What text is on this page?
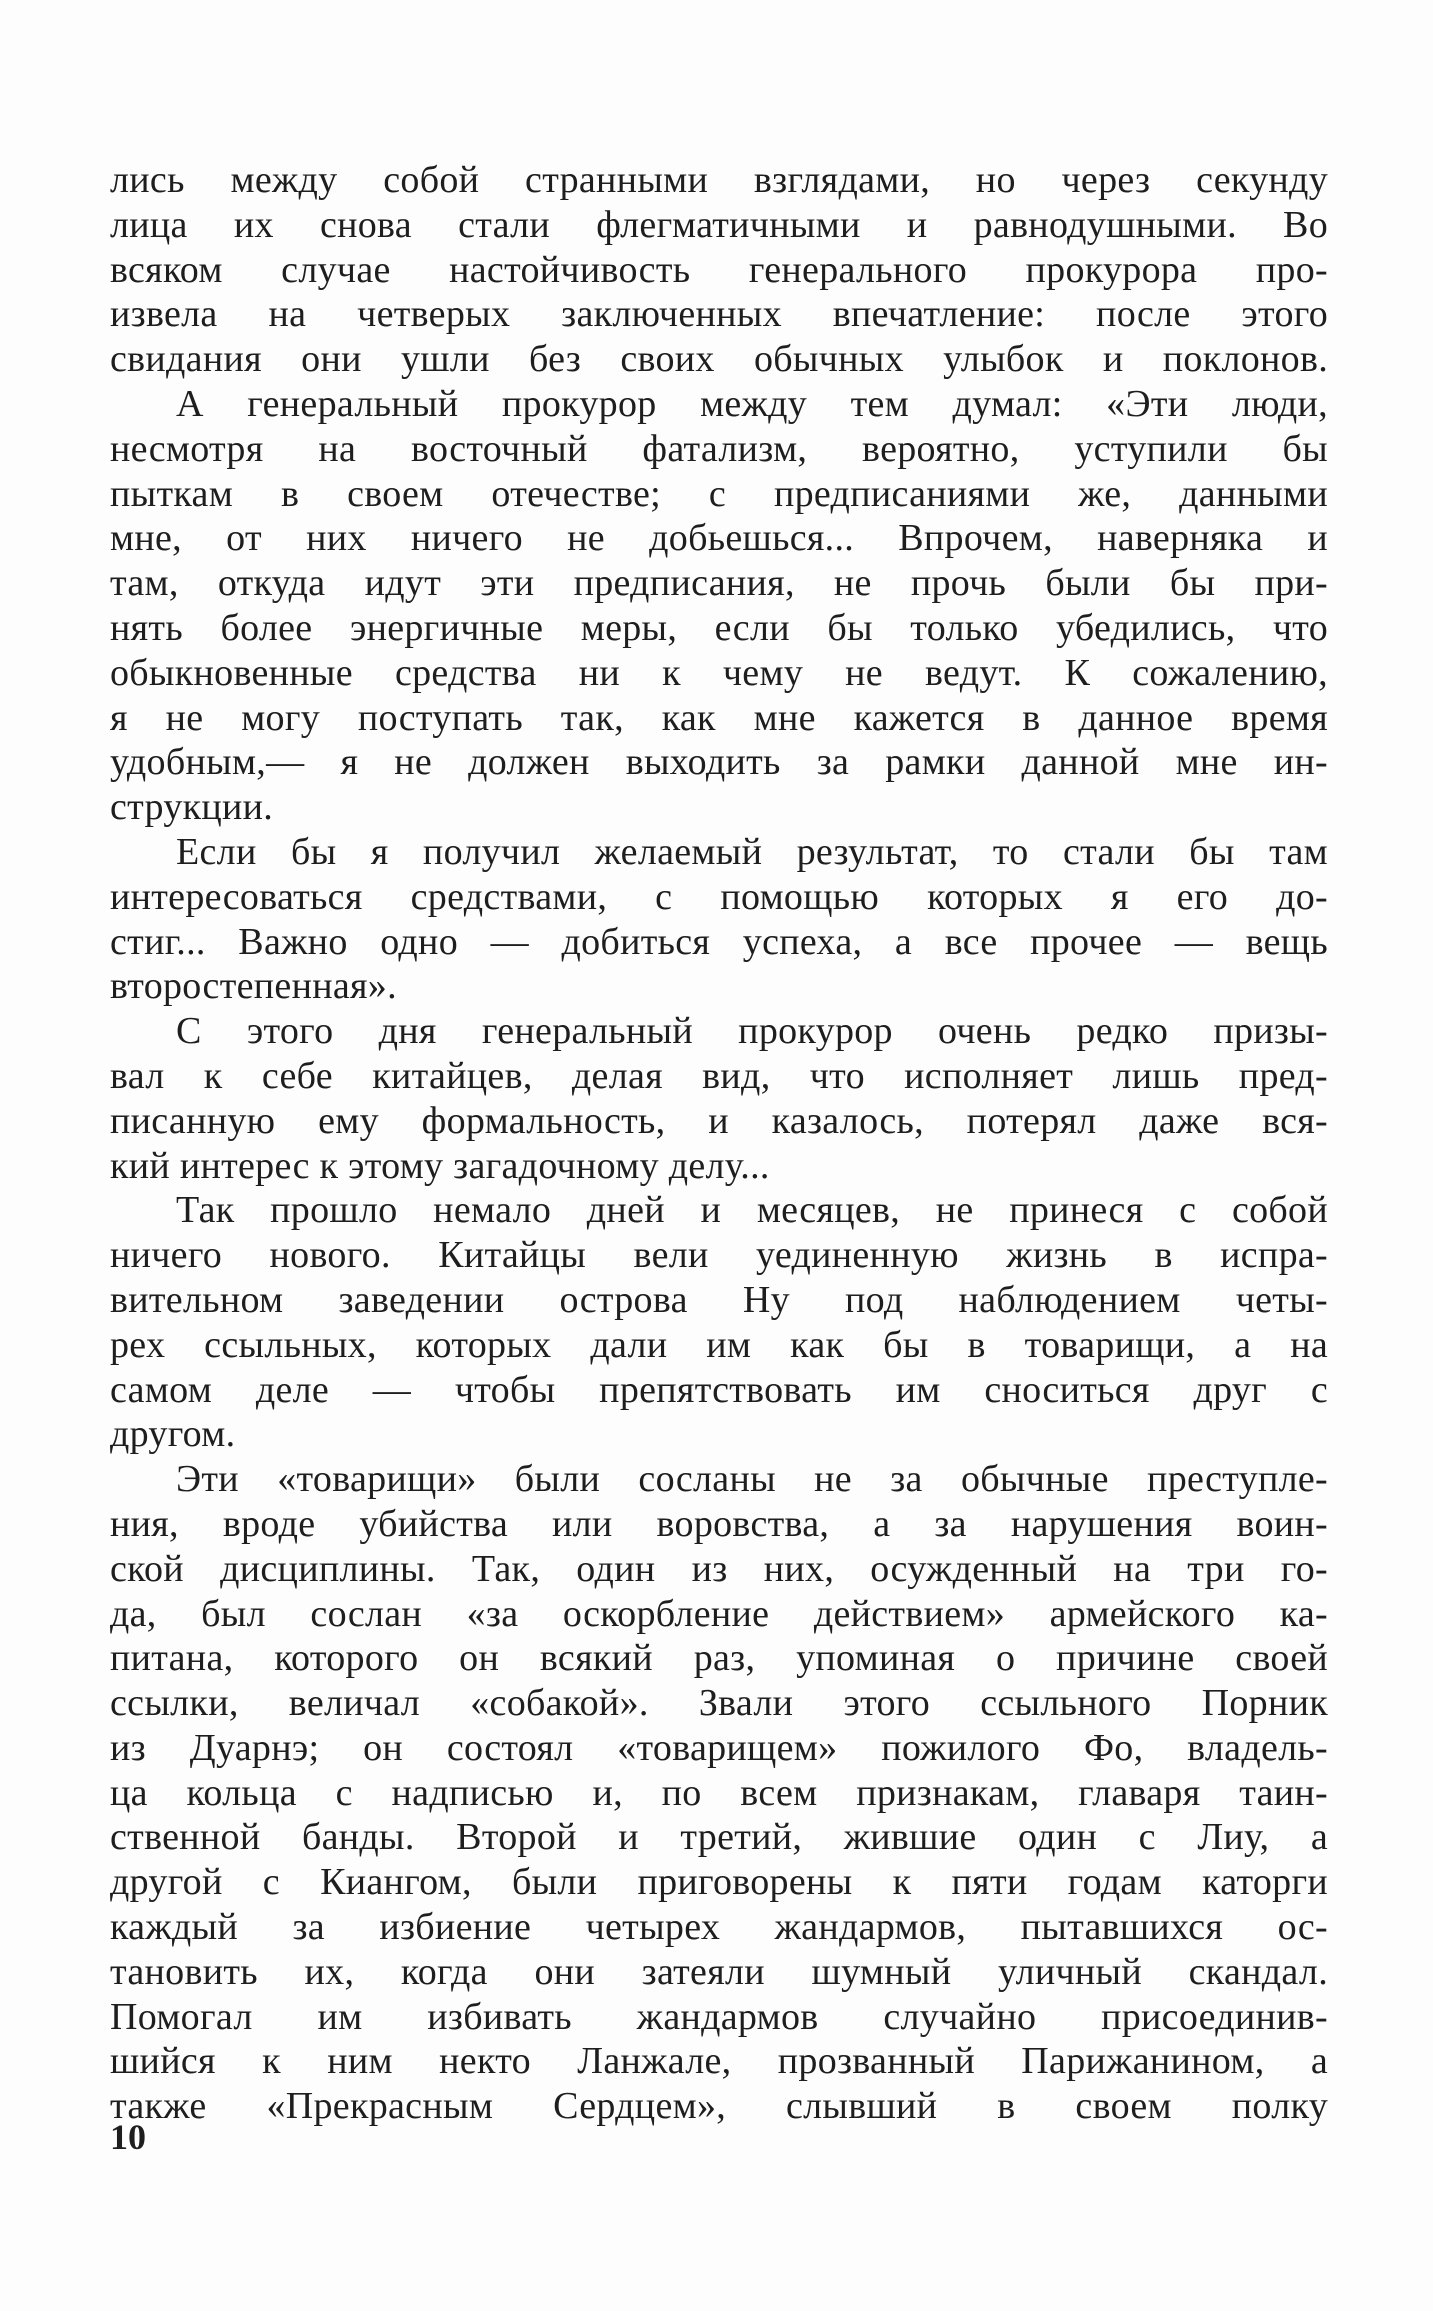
лись между собой странными взглядами, но через секунду
лица их снова стали флегматичными и равнодушными. Во
всяком случае настойчивость генерального прокурора про-
извела на четверых заключенных впечатление: после этого
свидания они ушли без своих обычных улыбок и поклонов.
А генеральный прокурор между тем думал: «Эти люди,
несмотря на восточный фатализм, вероятно, уступили бы
пыткам в своем отечестве; с предписаниями же, данными
мне, от них ничего не добьешься... Впрочем, наверняка и
там, откуда идут эти предписания, не прочь были бы при-
нять более энергичные меры, если бы только убедились, что
обыкновенные средства ни к чему не ведут. К сожалению,
я не могу поступать так, как мне кажется в данное время
удобным,— я не должен выходить за рамки данной мне ин-
струкции.
Если бы я получил желаемый результат, то стали бы там
интересоваться средствами, с помощью которых я его до-
стиг... Важно одно — добиться успеха, а все прочее — вещь
второстепенная».
С этого дня генеральный прокурор очень редко призы-
вал к себе китайцев, делая вид, что исполняет лишь пред-
писанную ему формальность, и казалось, потерял даже вся-
кий интерес к этому загадочному делу...
Так прошло немало дней и месяцев, не принеся с собой
ничего нового. Китайцы вели уединенную жизнь в испра-
вительном заведении острова Ну под наблюдением четы-
рех ссыльных, которых дали им как бы в товарищи, а на
самом деле — чтобы препятствовать им сноситься друг с
другом.
Эти «товарищи» были сосланы не за обычные преступле-
ния, вроде убийства или воровства, а за нарушения воин-
ской дисциплины. Так, один из них, осужденный на три го-
да, был сослан «за оскорбление действием» армейского ка-
питана, которого он всякий раз, упоминая о причине своей
ссылки, величал «собакой». Звали этого ссыльного Порник
из Дуарнэ; он состоял «товарищем» пожилого Фо, владель-
ца кольца с надписью и, по всем признакам, главаря таин-
ственной банды. Второй и третий, жившие один с Лиу, а
другой с Киангом, были приговорены к пяти годам каторги
каждый за избиение четырех жандармов, пытавшихся ос-
тановить их, когда они затеяли шумный уличный скандал.
Помогал им избивать жандармов случайно присоединив-
шийся к ним некто Ланжале, прозванный Парижанином, а
также «Прекрасным Сердцем», слывший в своем полку
10
